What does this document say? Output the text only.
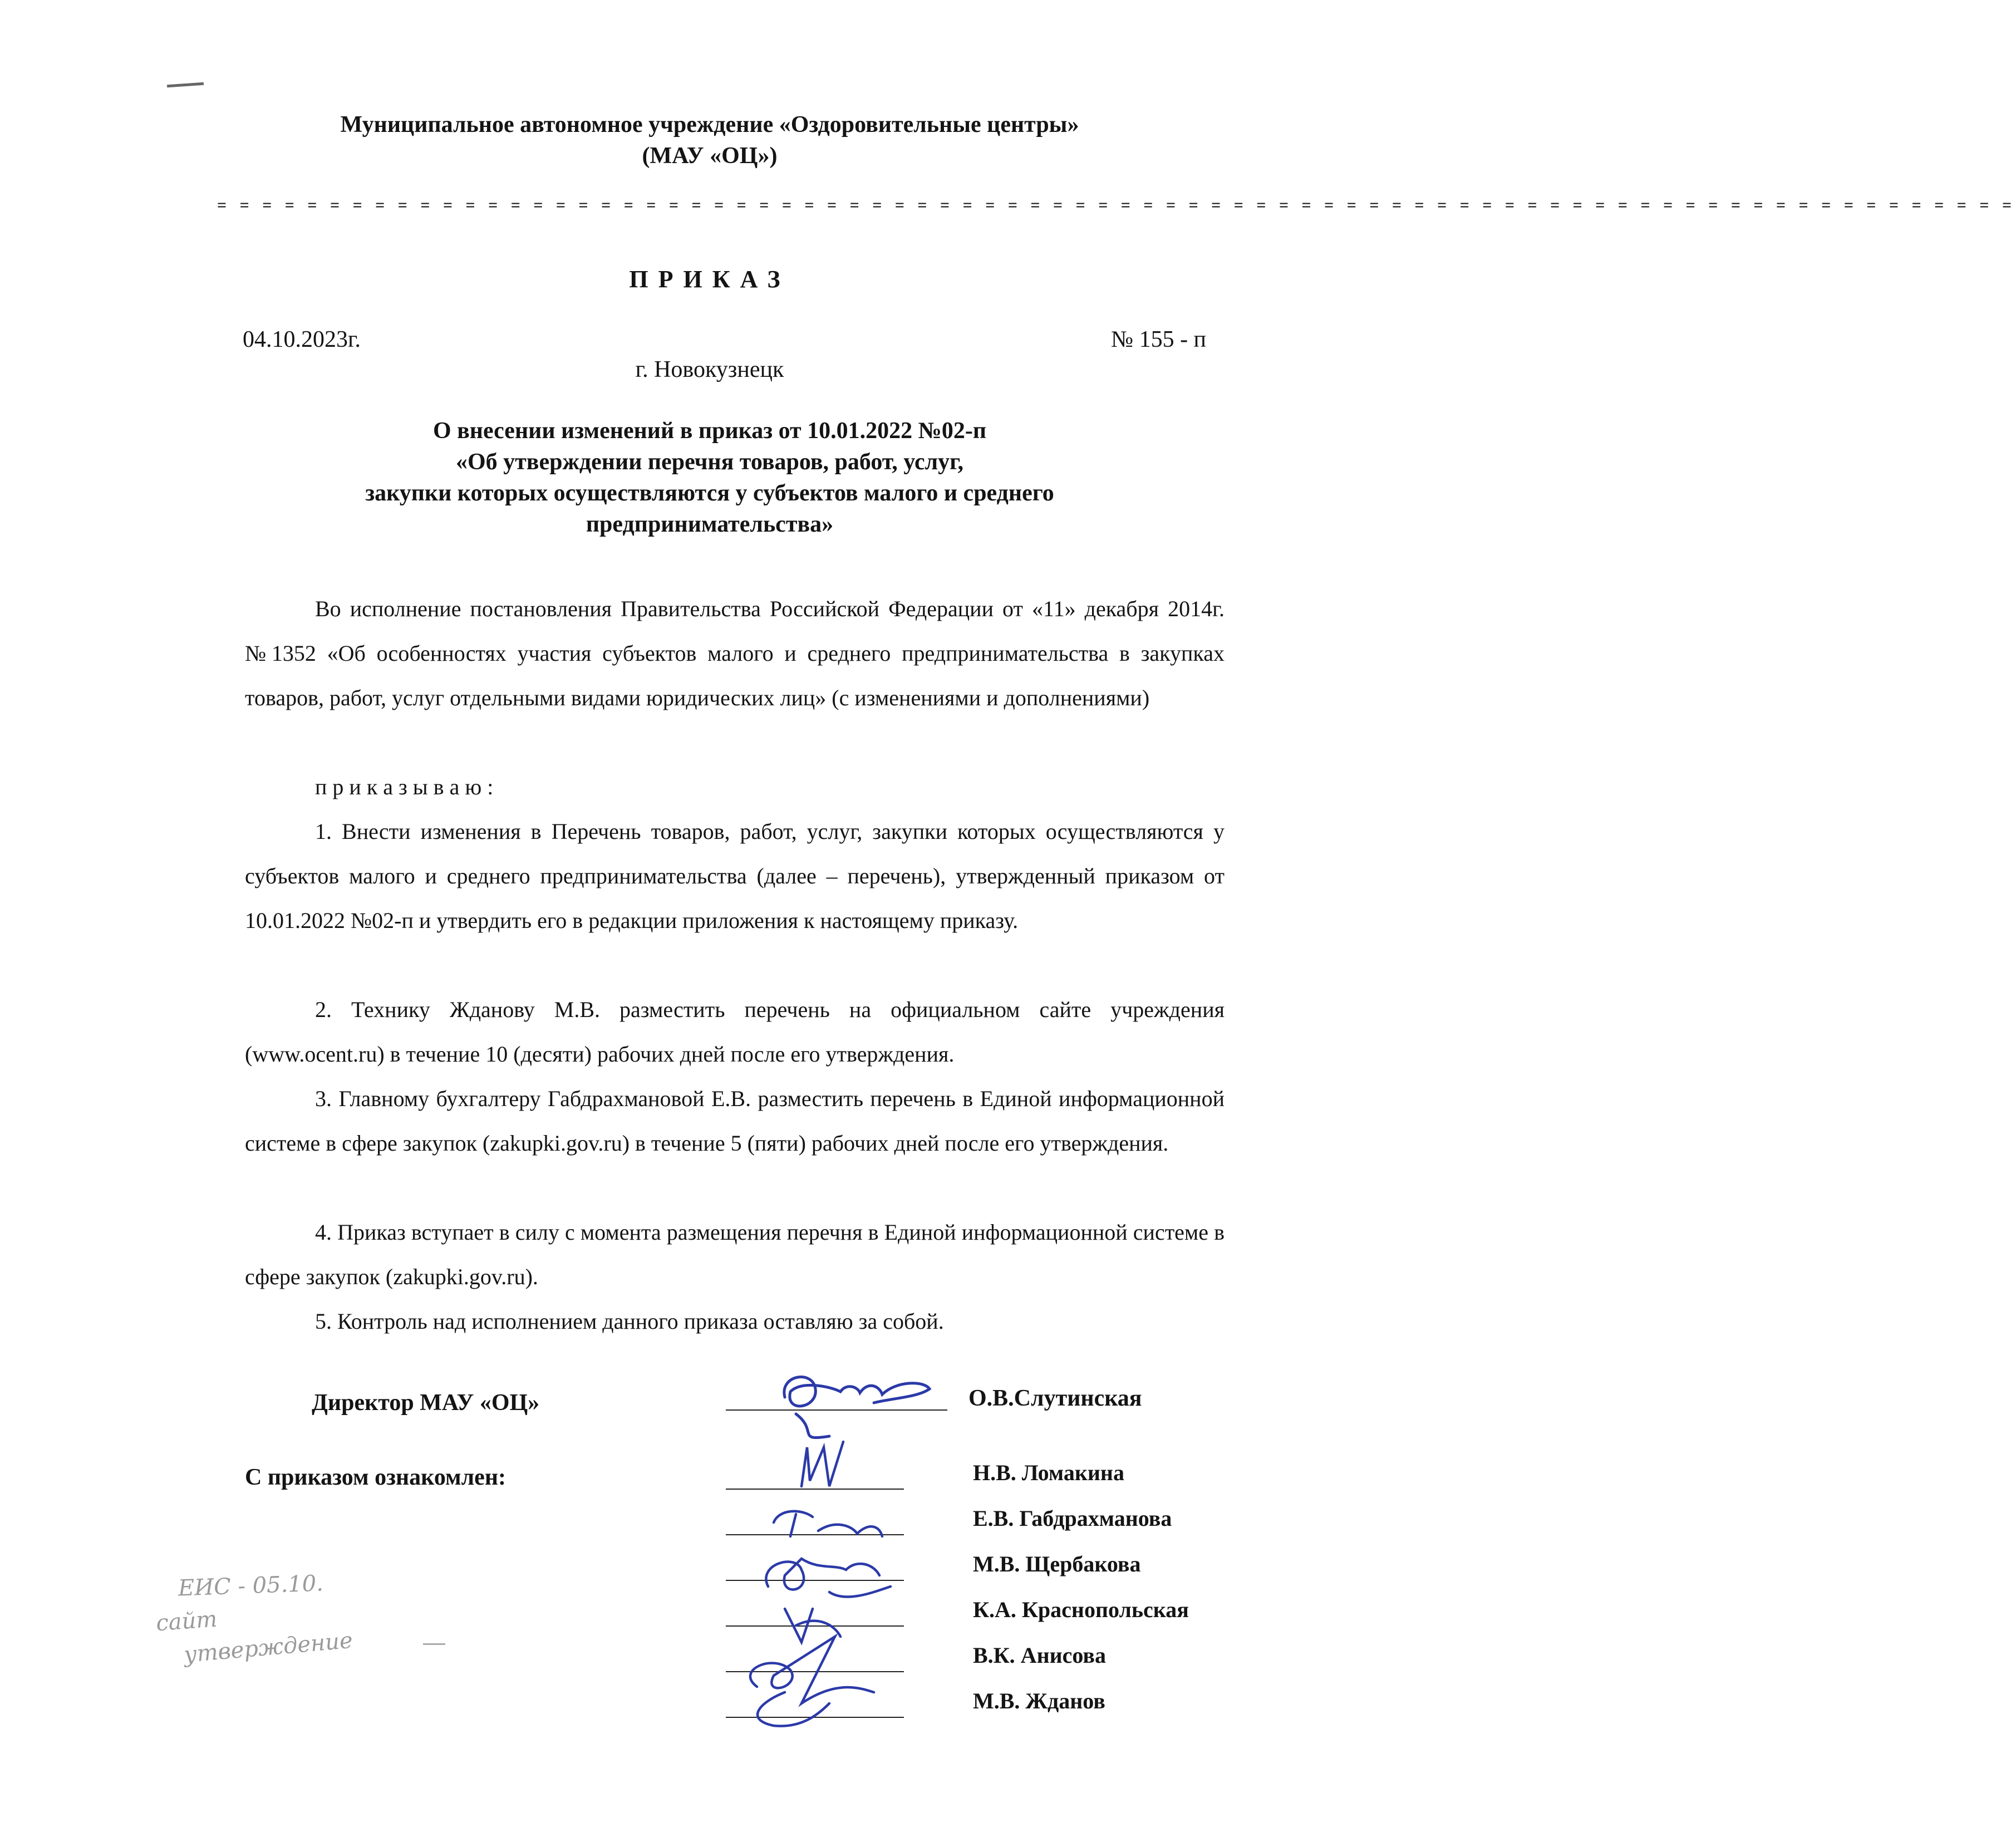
Муниципальное автономное учреждение «Оздоровительные центры»
(МАУ «ОЦ»)
= = = = = = = = = = = = = = = = = = = = = = = = = = = = = = = = = = = = = = = = = = = = = = = = = = = = = = = = = = = = = = = = = = = = = = = = = = = = = = = =
ПРИКАЗ
04.10.2023г.	№ 155 - п
г. Новокузнецк
О внесении изменений в приказ от 10.01.2022 №02-п
«Об утверждении перечня товаров, работ, услуг,
закупки которых осуществляются у субъектов малого и среднего
предпринимательства»
Во исполнение постановления Правительства Российской Федерации от «11» декабря 2014г. №1352 «Об особенностях участия субъектов малого и среднего предпринимательства в закупках товаров, работ, услуг отдельными видами юридических лиц» (с изменениями и дополнениями)
п р и к а з ы в а ю :
1. Внести изменения в Перечень товаров, работ, услуг, закупки которых осуществляются у субъектов малого и среднего предпринимательства (далее – перечень), утвержденный приказом от 10.01.2022 №02-п и утвердить его в редакции приложения к настоящему приказу.
2. Технику Жданову М.В. разместить перечень на официальном сайте учреждения (www.ocent.ru) в течение 10 (десяти) рабочих дней после его утверждения.
3. Главному бухгалтеру Габдрахмановой Е.В. разместить перечень в Единой информационной системе в сфере закупок (zakupki.gov.ru) в течение 5 (пяти) рабочих дней после его утверждения.
4. Приказ вступает в силу с момента размещения перечня в Единой информационной системе в сфере закупок (zakupki.gov.ru).
5. Контроль над исполнением данного приказа оставляю за собой.
Директор МАУ «ОЦ»	О.В.Слутинская
С приказом ознакомлен:	Н.В. Ломакина
Е.В. Габдрахманова
М.В. Щербакова
К.А. Краснопольская
В.К. Анисова
М.В. Жданов
ЕИС - 05.10.
сайт
утверждение
